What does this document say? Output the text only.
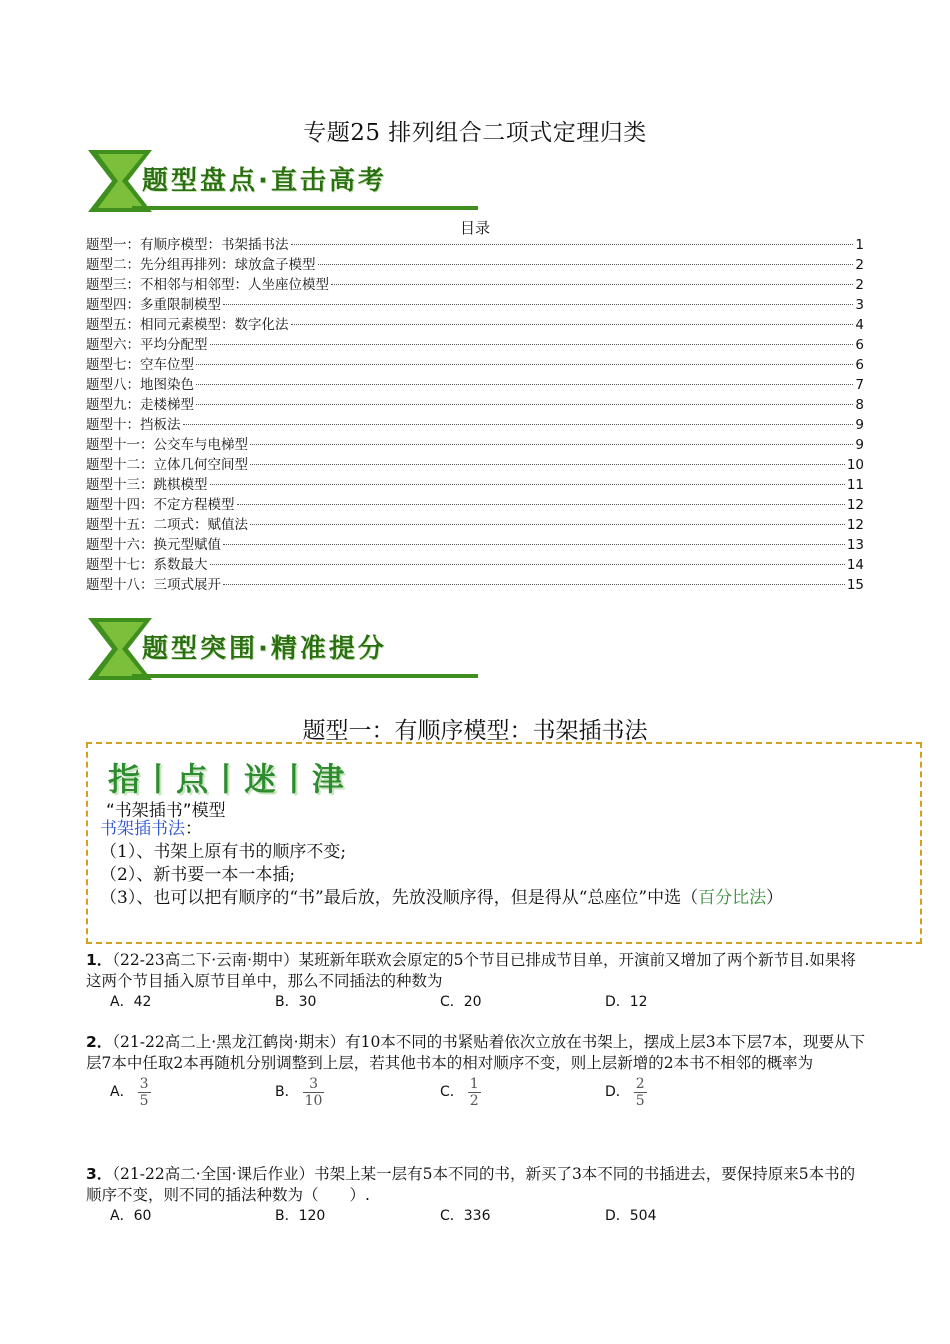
专题25 排列组合二项式定理归类
题型盘点·直击高考
目录
题型一：有顺序模型：书架插书法	1
题型二：先分组再排列：球放盒子模型	2
题型三：不相邻与相邻型：人坐座位模型	2
题型四：多重限制模型	3
题型五：相同元素模型：数字化法	4
题型六：平均分配型	6
题型七：空车位型	6
题型八：地图染色	7
题型九：走楼梯型	8
题型十：挡板法	9
题型十一：公交车与电梯型	9
题型十二：立体几何空间型	10
题型十三：跳棋模型	11
题型十四：不定方程模型	12
题型十五：二项式：赋值法	12
题型十六：换元型赋值	13
题型十七：系数最大	14
题型十八：三项式展开	15
题型突围·精准提分
题型一：有顺序模型：书架插书法
指丨点丨迷丨津
“书架插书”模型
书架插书法：
（1）、书架上原有书的顺序不变;
（2）、新书要一本一本插;
（3）、也可以把有顺序的“书”最后放，先放没顺序得，但是得从“总座位”中选（百分比法）
1．（22-23高二下·云南·期中）某班新年联欢会原定的5个节目已排成节目单，开演前又增加了两个新节目.如果将这两个节目插入原节目单中，那么不同插法的种数为
A．42	B．30	C．20	D．12
2．（21-22高二上·黑龙江鹤岗·期末）有10本不同的书紧贴着依次立放在书架上，摆成上层3本下层7本，现要从下层7本中任取2本再随机分别调整到上层，若其他书本的相对顺序不变，则上层新增的2本书不相邻的概率为
A． $\frac{3}{5}$	B． $\frac{3}{10}$	C． $\frac{1}{2}$	D． $\frac{2}{5}$
3．（21-22高二·全国·课后作业）书架上某一层有5本不同的书，新买了3本不同的书插进去，要保持原来5本书的顺序不变，则不同的插法种数为（　　）.
A．60	B．120	C．336	D．504
